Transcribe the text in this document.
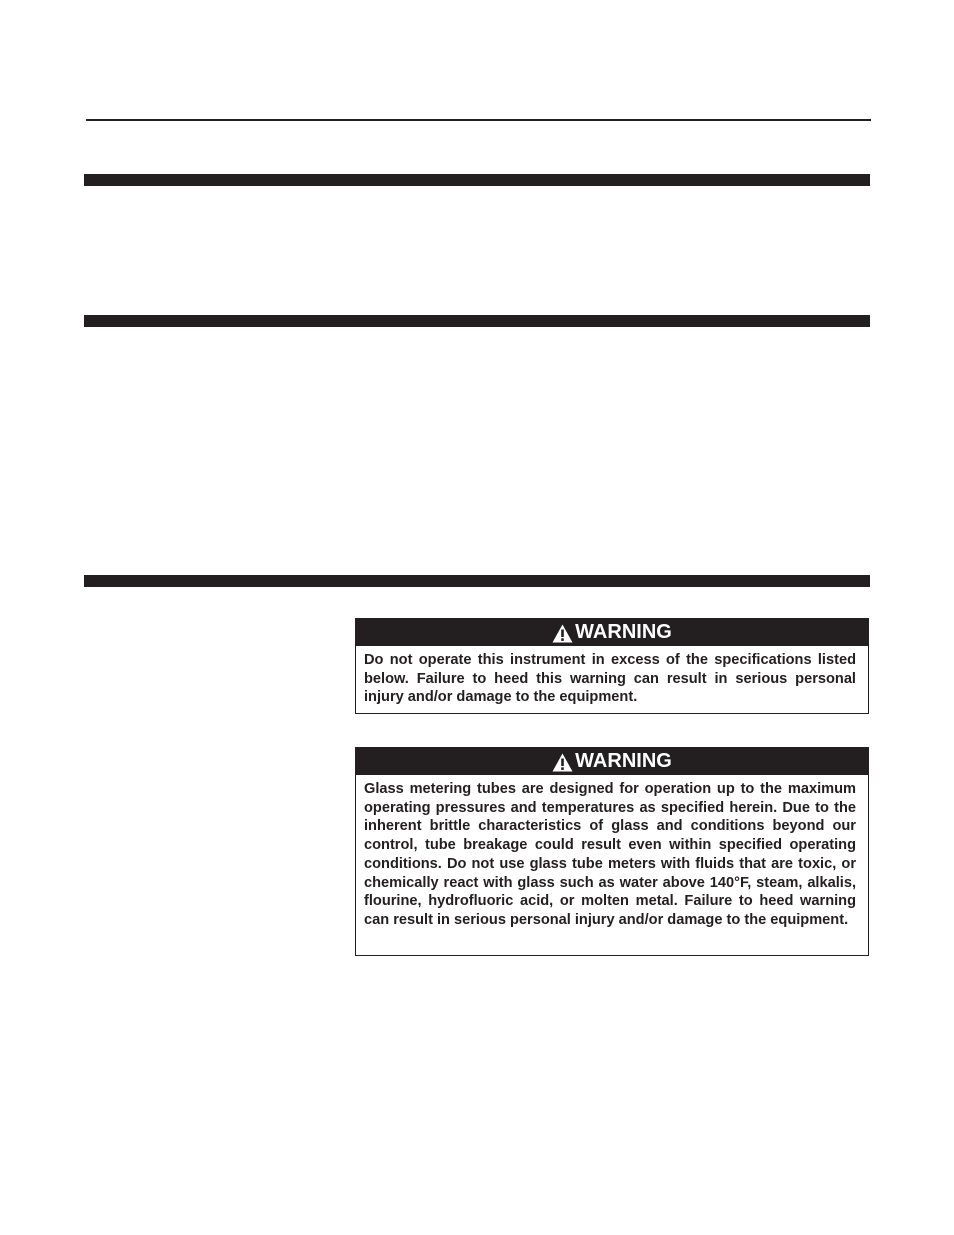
WARNING
Do not operate this instrument in excess of the specifications listed below. Failure to heed this warning can result in serious personal injury and/or damage to the equipment.
WARNING
Glass metering tubes are designed for operation up to the maximum operating pressures and temperatures as specified herein. Due to the inherent brittle characteristics of glass and conditions beyond our control, tube breakage could result even within specified operating conditions. Do not use glass tube meters with fluids that are toxic, or chemically react with glass such as water above 140°F, steam, alkalis, flourine, hydrofluoric acid, or molten metal. Failure to heed warning can result in serious personal injury and/or damage to the equipment.
